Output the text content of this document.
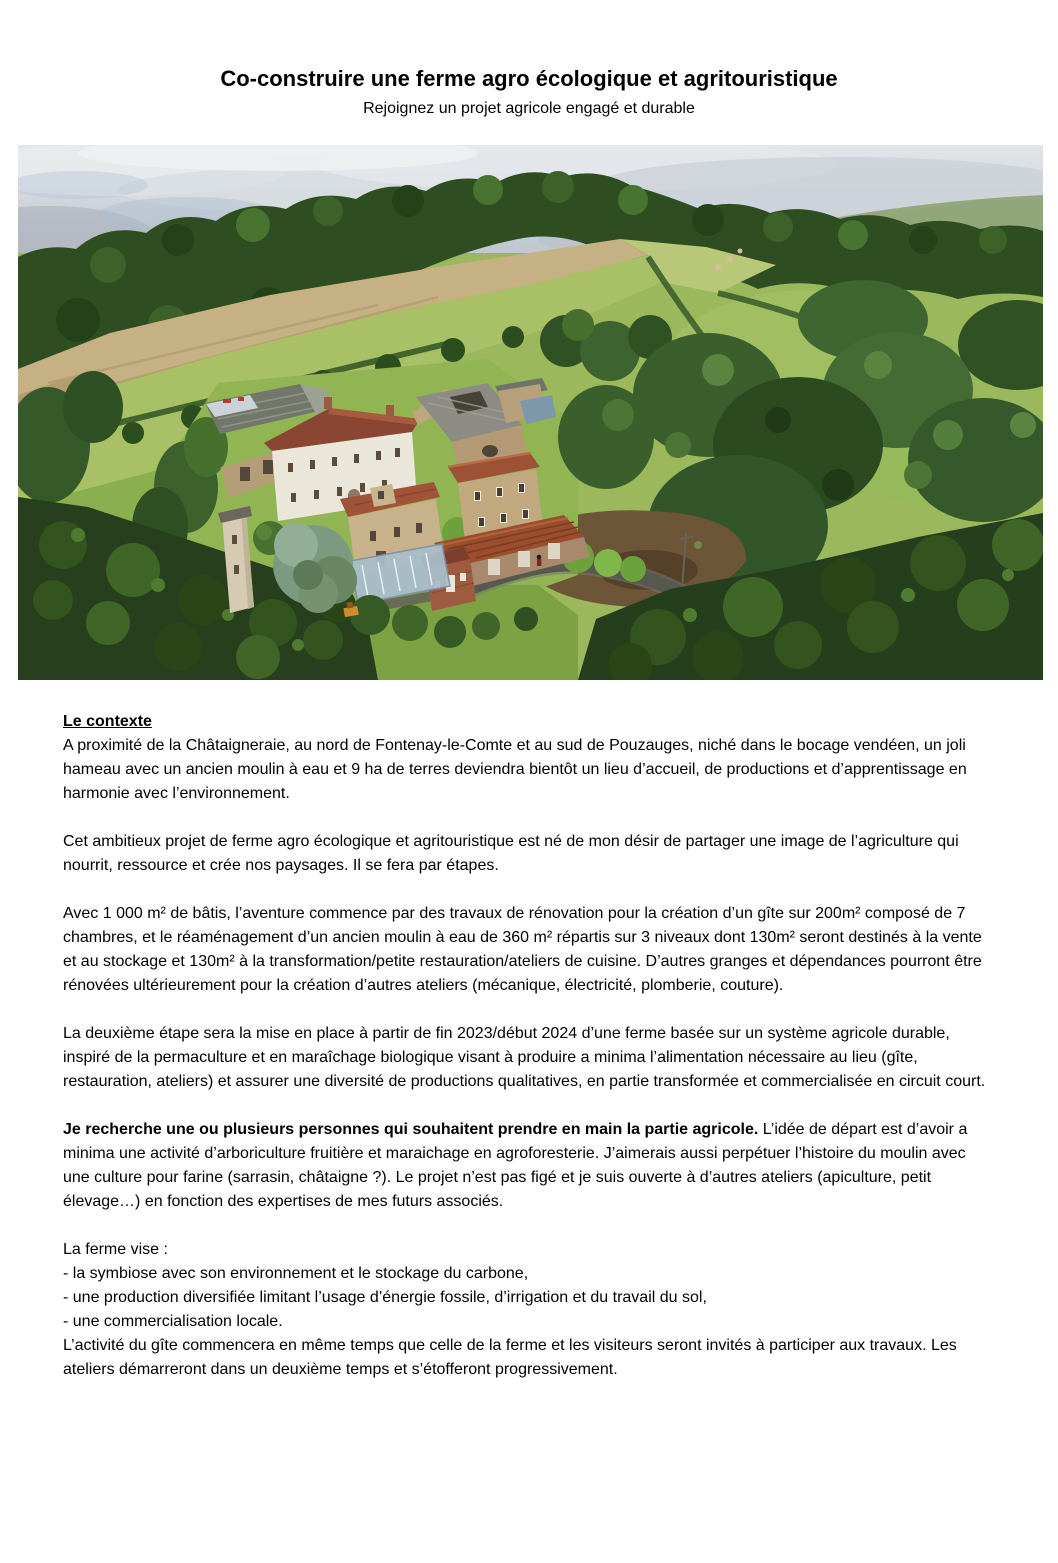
Co-construire une ferme agro écologique et agritouristique
Rejoignez un projet agricole engagé et durable
Le contexte
A proximité de la Châtaigneraie, au nord de Fontenay-le-Comte et au sud de Pouzauges, niché dans le bocage vendéen, un joli hameau avec un ancien moulin à eau et 9 ha de terres deviendra bientôt un lieu d’accueil, de productions et d’apprentissage en harmonie avec l’environnement.
Cet ambitieux projet de ferme agro écologique et agritouristique est né de mon désir de partager une image de l’agriculture qui nourrit, ressource et crée nos paysages. Il se fera par étapes.
Avec 1 000 m² de bâtis, l’aventure commence par des travaux de rénovation pour la création d’un gîte sur 200m² composé de 7 chambres, et le réaménagement d’un ancien moulin à eau de 360 m² répartis sur 3 niveaux dont 130m² seront destinés à la vente et au stockage et 130m² à la transformation/petite restauration/ateliers de cuisine. D’autres granges et dépendances pourront être rénovées ultérieurement pour la création d’autres ateliers (mécanique, électricité, plomberie, couture).
La deuxième étape sera la mise en place à partir de fin 2023/début 2024 d’une ferme basée sur un système agricole durable, inspiré de la permaculture et en maraîchage biologique visant à produire a minima l’alimentation nécessaire au lieu (gîte, restauration, ateliers) et assurer une diversité de productions qualitatives, en partie transformée et commercialisée en circuit court.
Je recherche une ou plusieurs personnes qui souhaitent prendre en main la partie agricole. L’idée de départ est d’avoir a minima une activité d’arboriculture fruitière et maraichage en agroforesterie. J’aimerais aussi perpétuer l’histoire du moulin avec une culture pour farine (sarrasin, châtaigne ?). Le projet n’est pas figé et je suis ouverte à d’autres ateliers (apiculture, petit élevage…) en fonction des expertises de mes futurs associés.
La ferme vise :
- la symbiose avec son environnement et le stockage du carbone,
- une production diversifiée limitant l’usage d’énergie fossile, d’irrigation et du travail du sol,
- une commercialisation locale.
L’activité du gîte commencera en même temps que celle de la ferme et les visiteurs seront invités à participer aux travaux. Les ateliers démarreront dans un deuxième temps et s’étofferont progressivement.
